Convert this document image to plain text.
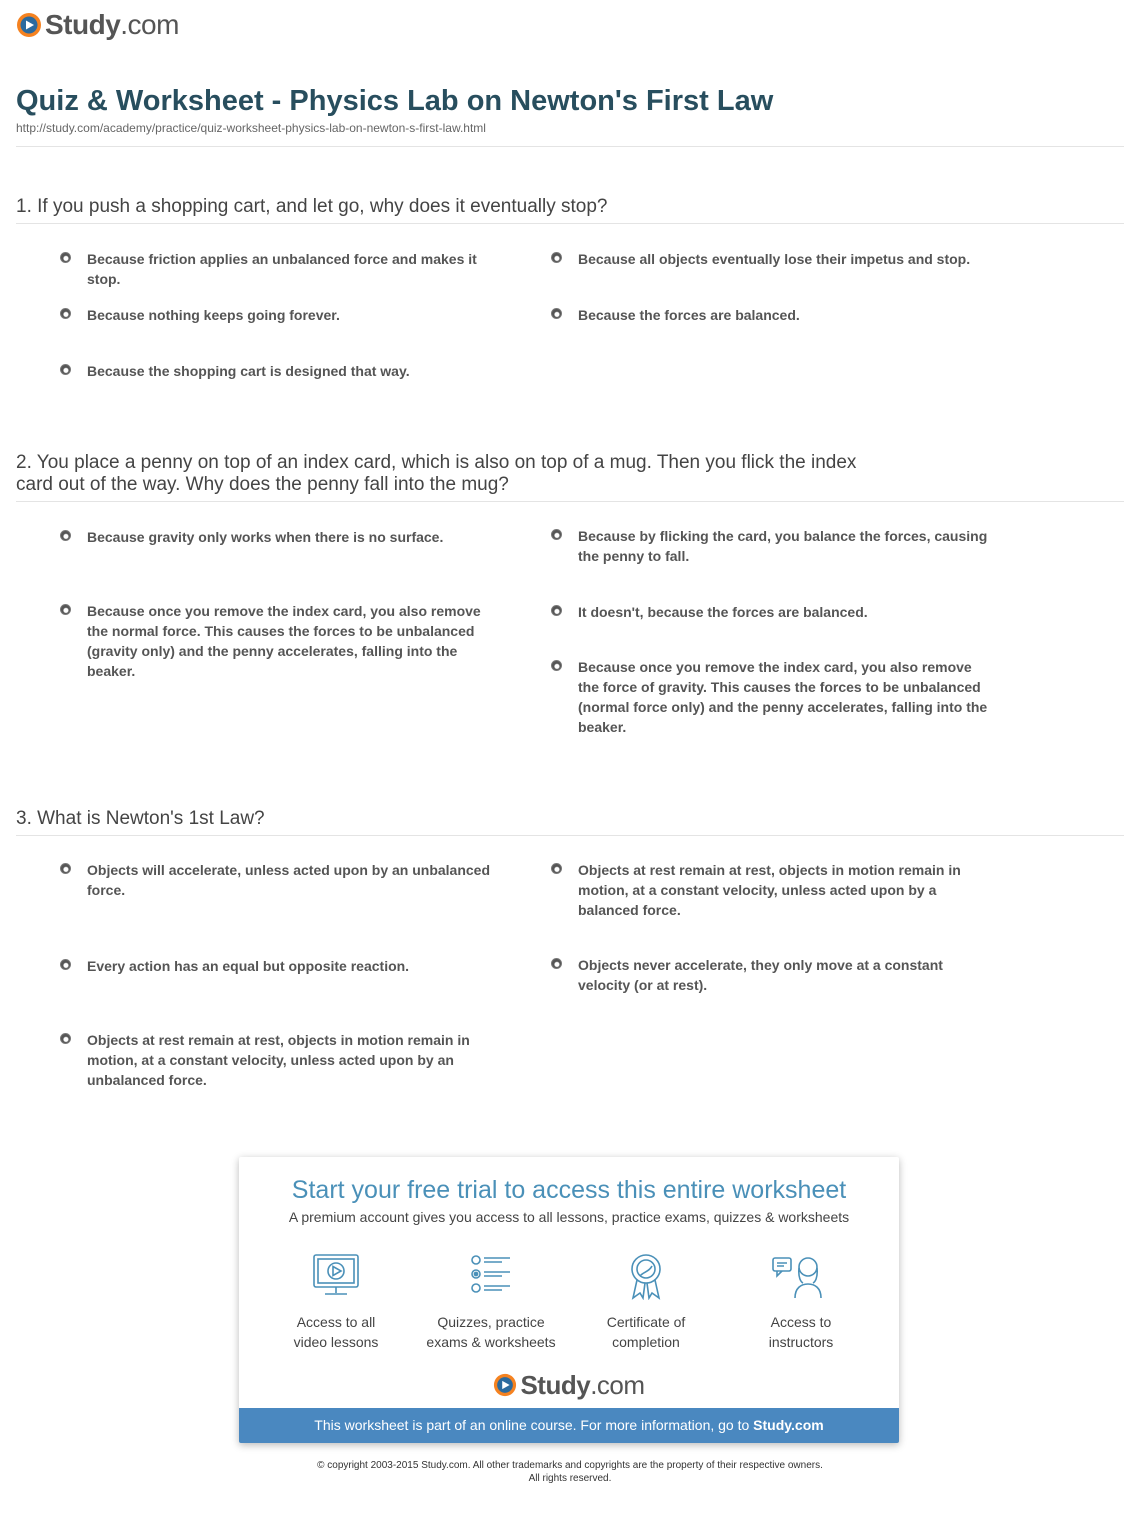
Study.com
Quiz & Worksheet - Physics Lab on Newton's First Law
http://study.com/academy/practice/quiz-worksheet-physics-lab-on-newton-s-first-law.html
1. If you push a shopping cart, and let go, why does it eventually stop?
Because friction applies an unbalanced force and makes it stop.
Because all objects eventually lose their impetus and stop.
Because nothing keeps going forever.	Because the forces are balanced.
Because the shopping cart is designed that way.
2. You place a penny on top of an index card, which is also on top of a mug. Then you flick the index
card out of the way. Why does the penny fall into the mug?
Because gravity only works when there is no surface.	Because by flicking the card, you balance the forces, causing the penny to fall.
Because once you remove the index card, you also remove the normal force. This causes the forces to be unbalanced (gravity only) and the penny accelerates, falling into the beaker.
It doesn't, because the forces are balanced.
Because once you remove the index card, you also remove the force of gravity. This causes the forces to be unbalanced (normal force only) and the penny accelerates, falling into the beaker.
3. What is Newton's 1st Law?
Objects will accelerate, unless acted upon by an unbalanced force.
Objects at rest remain at rest, objects in motion remain in motion, at a constant velocity, unless acted upon by a balanced force.
Every action has an equal but opposite reaction.	Objects never accelerate, they only move at a constant velocity (or at rest).
Objects at rest remain at rest, objects in motion remain in motion, at a constant velocity, unless acted upon by an unbalanced force.
Start your free trial to access this entire worksheet
A premium account gives you access to all lessons, practice exams, quizzes & worksheets
Access to all
video lessons
Quizzes, practice
exams & worksheets
Certificate of
completion
Access to
instructors
Study.com
This worksheet is part of an online course. For more information, go to Study.com
© copyright 2003-2015 Study.com. All other trademarks and copyrights are the property of their respective owners.
All rights reserved.
